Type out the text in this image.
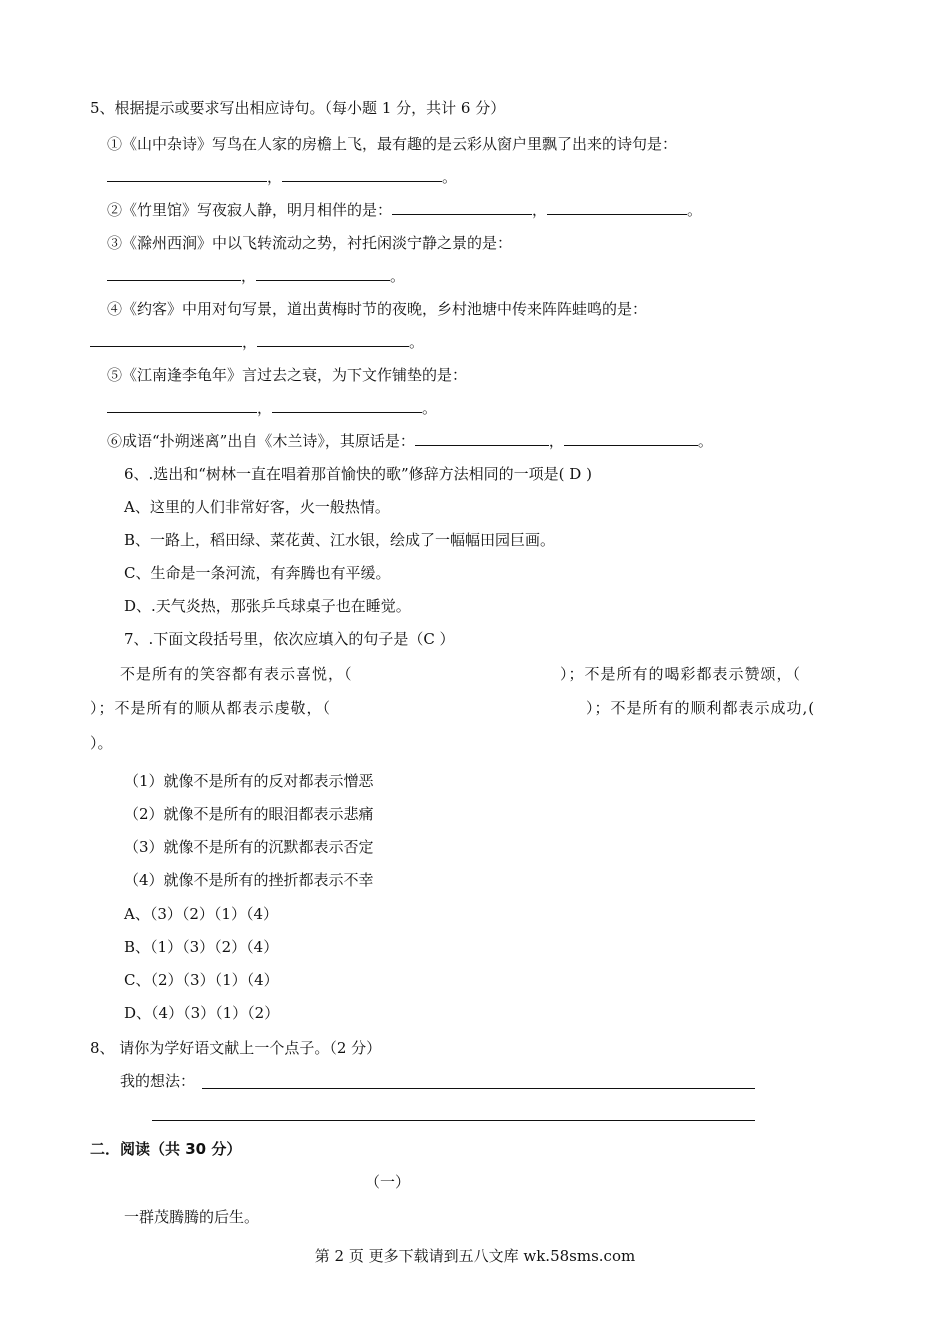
5、根据提示或要求写出相应诗句。（每小题 1 分，共计 6 分）
①《山中杂诗》写鸟在人家的房檐上飞，最有趣的是云彩从窗户里飘了出来的诗句是：
，	。
②《竹里馆》写夜寂人静，明月相伴的是：	，	。
③《滁州西涧》中以飞转流动之势，衬托闲淡宁静之景的是：
，	。
④《约客》中用对句写景，道出黄梅时节的夜晚，乡村池塘中传来阵阵蛙鸣的是：
，	。
⑤《江南逢李龟年》言过去之衰，为下文作铺垫的是：
，	。
⑥成语“扑朔迷离”出自《木兰诗》，其原话是：	，	。
6、.选出和“树林一直在唱着那首愉快的歌”修辞方法相同的一项是( D )
A、这里的人们非常好客，火一般热情。
B、一路上，稻田绿、菜花黄、江水银，绘成了一幅幅田园巨画。
C、生命是一条河流，有奔腾也有平缓。
D、.天气炎热，那张乒乓球桌子也在睡觉。
7、.下面文段括号里，依次应填入的句子是（C ）
不是所有的笑容都有表示喜悦，（	）；不是所有的喝彩都表示赞颂，（
）；不是所有的顺从都表示虔敬，（	）；不是所有的顺利都表示成功,(
）。
（1）就像不是所有的反对都表示憎恶
（2）就像不是所有的眼泪都表示悲痛
（3）就像不是所有的沉默都表示否定
（4）就像不是所有的挫折都表示不幸
A、（3）（2）（1）（4）
B、（1）（3）（2）（4）
C、（2）（3）（1）（4）
D、（4）（3）（1）（2）
8、 请你为学好语文献上一个点子。（2 分）
我的想法：
二．阅读（共 30 分）
（一）
一群茂腾腾的后生。
第 2 页 更多下载请到五八文库 wk.58sms.com
